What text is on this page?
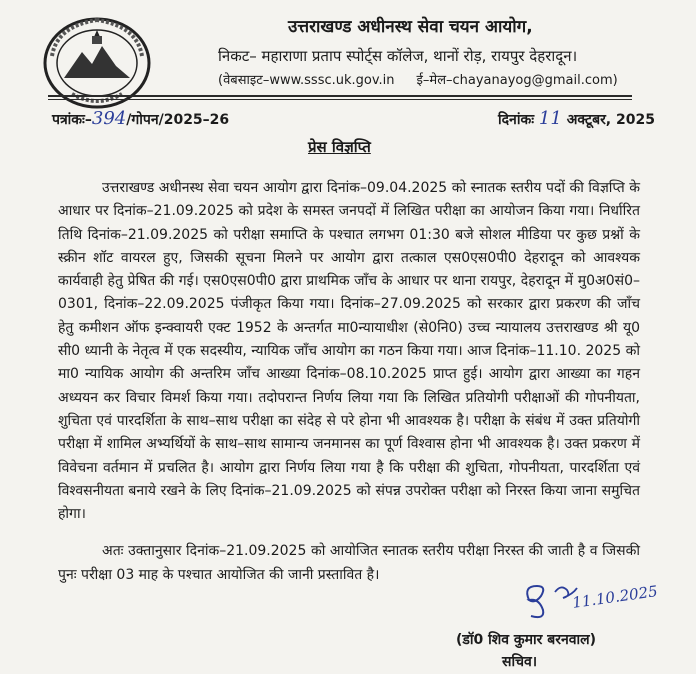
उत्तराखण्ड अधीनस्थ सेवा चयन आयोग,
निकट– महाराणा प्रताप स्पोर्ट्स कॉलेज, थानों रोड़, रायपुर देहरादून।
(वेबसाइट–www.sssc.uk.gov.in ई–मेल–chayanayog@gmail.com)
पत्रांकः–394/गोपन/2025–26	दिनांकः 11 अक्टूबर, 2025
प्रेस विज्ञप्ति

उत्तराखण्ड अधीनस्थ सेवा चयन आयोग द्वारा दिनांक–09.04.2025 को स्नातक स्तरीय पदों की विज्ञप्ति के आधार पर दिनांक–21.09.2025 को प्रदेश के समस्त जनपदों में लिखित परीक्षा का आयोजन किया गया। निर्धारित तिथि दिनांक–21.09.2025 को परीक्षा समाप्ति के पश्चात लगभग 01:30 बजे सोशल मीडिया पर कुछ प्रश्नों के स्क्रीन शॉट वायरल हुए, जिसकी सूचना मिलने पर आयोग द्वारा तत्काल एस0एस0पी0 देहरादून को आवश्यक कार्यवाही हेतु प्रेषित की गई। एस0एस0पी0 द्वारा प्राथमिक जाँच के आधार पर थाना रायपुर, देहरादून में मु0अ0सं0–0301, दिनांक–22.09.2025 पंजीकृत किया गया। दिनांक–27.09.2025 को सरकार द्वारा प्रकरण की जाँच हेतु कमीशन ऑफ इन्क्वायरी एक्ट 1952 के अन्तर्गत मा0न्यायाधीश (से0नि0) उच्च न्यायालय उत्तराखण्ड श्री यू0 सी0 ध्यानी के नेतृत्व में एक सदस्यीय, न्यायिक जाँच आयोग का गठन किया गया। आज दिनांक–11.10. 2025 को मा0 न्यायिक आयोग की अन्तरिम जाँच आख्या दिनांक–08.10.2025 प्राप्त हुई। आयोग द्वारा आख्या का गहन अध्ययन कर विचार विमर्श किया गया। तदोपरान्त निर्णय लिया गया कि लिखित प्रतियोगी परीक्षाओं की गोपनीयता, शुचिता एवं पारदर्शिता के साथ–साथ परीक्षा का संदेह से परे होना भी आवश्यक है। परीक्षा के संबंध में उक्त प्रतियोगी परीक्षा में शामिल अभ्यर्थियों के साथ–साथ सामान्य जनमानस का पूर्ण विश्वास होना भी आवश्यक है। उक्त प्रकरण में विवेचना वर्तमान में प्रचलित है। आयोग द्वारा निर्णय लिया गया है कि परीक्षा की शुचिता, गोपनीयता, पारदर्शिता एवं विश्वसनीयता बनाये रखने के लिए दिनांक–21.09.2025 को संपन्न उपरोक्त परीक्षा को निरस्त किया जाना समुचित होगा।

अतः उक्तानुसार दिनांक–21.09.2025 को आयोजित स्नातक स्तरीय परीक्षा निरस्त की जाती है व जिसकी पुनः परीक्षा 03 माह के पश्चात आयोजित की जानी प्रस्तावित है।

11.10.2025
(डॉ0 शिव कुमार बरनवाल)
सचिव।
